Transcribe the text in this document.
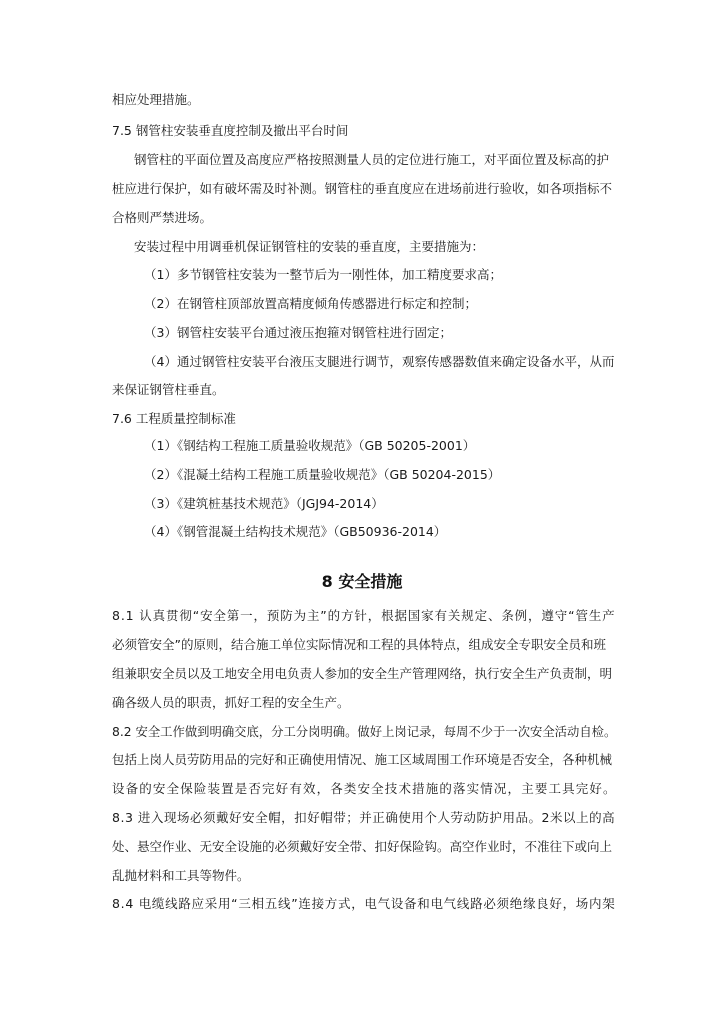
相应处理措施。
7.5 钢管柱安装垂直度控制及撤出平台时间
钢管柱的平面位置及高度应严格按照测量人员的定位进行施工，对平面位置及标高的护
桩应进行保护，如有破坏需及时补测。钢管柱的垂直度应在进场前进行验收，如各项指标不
合格则严禁进场。
安装过程中用调垂机保证钢管柱的安装的垂直度，主要措施为：
（1）多节钢管柱安装为一整节后为一刚性体，加工精度要求高；
（2）在钢管柱顶部放置高精度倾角传感器进行标定和控制；
（3）钢管柱安装平台通过液压抱箍对钢管柱进行固定；
（4）通过钢管柱安装平台液压支腿进行调节，观察传感器数值来确定设备水平，从而
来保证钢管柱垂直。
7.6 工程质量控制标准
（1）《钢结构工程施工质量验收规范》（GB 50205-2001）
（2）《混凝土结构工程施工质量验收规范》（GB 50204-2015）
（3）《建筑桩基技术规范》（JGJ94-2014）
（4）《钢管混凝土结构技术规范》（GB50936-2014）
8 安全措施
8.1 认真贯彻“安全第一，预防为主”的方针，根据国家有关规定、条例，遵守“管生产
必须管安全”的原则，结合施工单位实际情况和工程的具体特点，组成安全专职安全员和班
组兼职安全员以及工地安全用电负责人参加的安全生产管理网络，执行安全生产负责制，明
确各级人员的职责，抓好工程的安全生产。
8.2 安全工作做到明确交底，分工分岗明确。做好上岗记录，每周不少于一次安全活动自检。
包括上岗人员劳防用品的完好和正确使用情况、施工区域周围工作环境是否安全，各种机械
设备的安全保险装置是否完好有效，各类安全技术措施的落实情况，主要工具完好。
8.3 进入现场必须戴好安全帽，扣好帽带；并正确使用个人劳动防护用品。2米以上的高
处、悬空作业、无安全设施的必须戴好安全带、扣好保险钩。高空作业时，不准往下或向上
乱抛材料和工具等物件。
8.4 电缆线路应采用“三相五线”连接方式，电气设备和电气线路必须绝缘良好，场内架
